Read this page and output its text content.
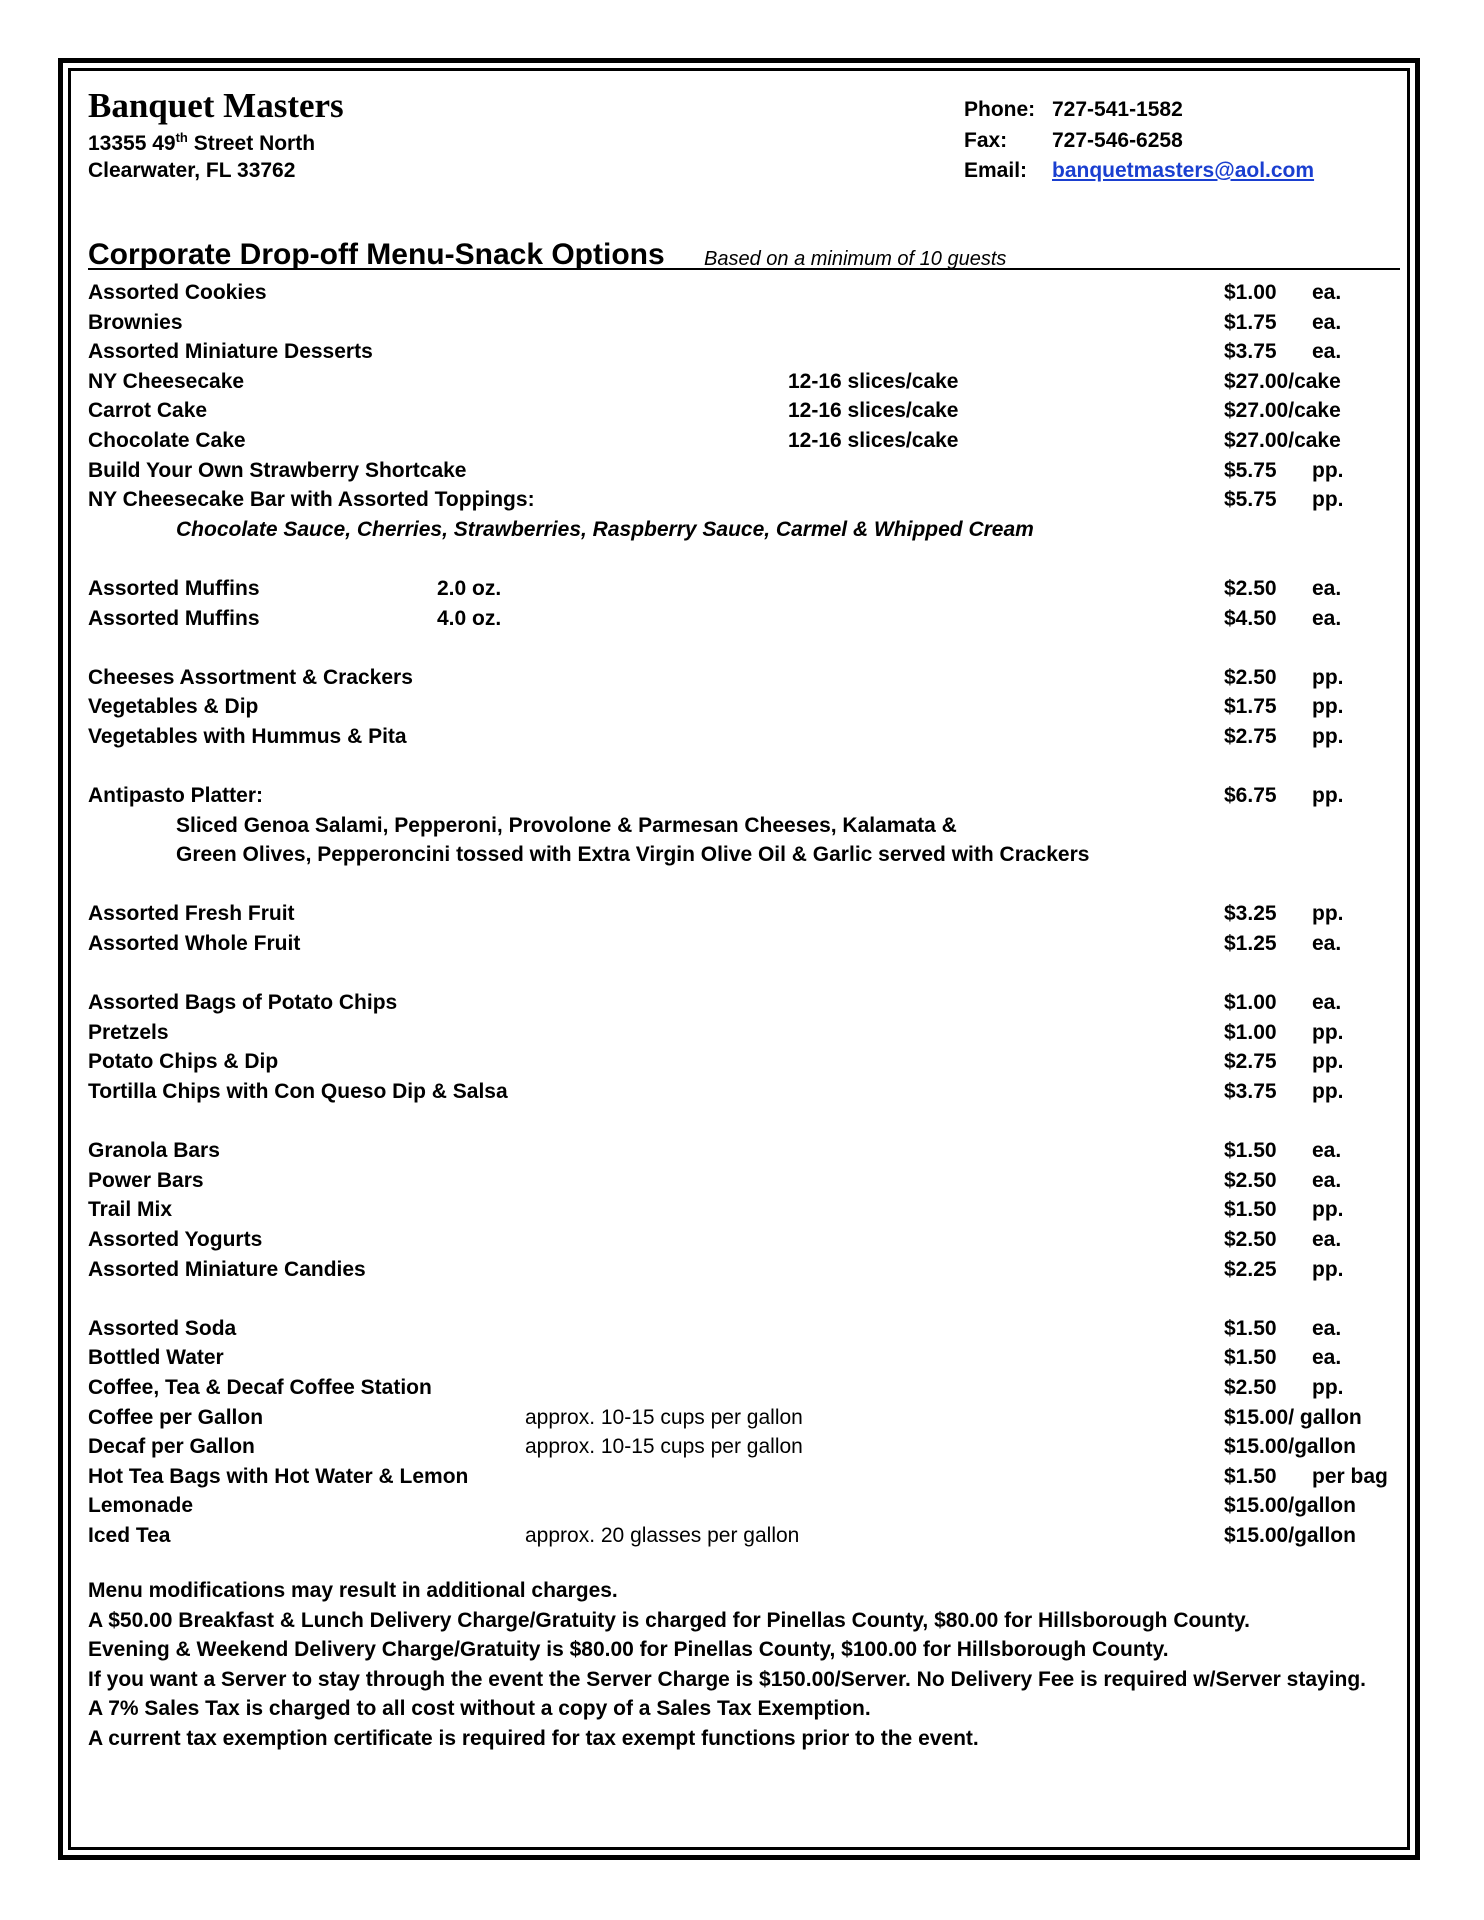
Banquet Masters
13355 49th Street North
Clearwater, FL 33762
Phone: 727-541-1582
Fax: 727-546-6258
Email: banquetmasters@aol.com
Corporate Drop-off Menu-Snack Options Based on a minimum of 10 guests
Assorted Cookies	$1.00 ea.
Brownies	$1.75 ea.
Assorted Miniature Desserts	$3.75 ea.
NY Cheesecake	12-16 slices/cake	$27.00/cake
Carrot Cake	12-16 slices/cake	$27.00/cake
Chocolate Cake	12-16 slices/cake	$27.00/cake
Build Your Own Strawberry Shortcake	$5.75 pp.
NY Cheesecake Bar with Assorted Toppings:	$5.75 pp.
Chocolate Sauce, Cherries, Strawberries, Raspberry Sauce, Carmel & Whipped Cream
Assorted Muffins	2.0 oz.	$2.50 ea.
Assorted Muffins	4.0 oz.	$4.50 ea.
Cheeses Assortment & Crackers	$2.50 pp.
Vegetables & Dip	$1.75 pp.
Vegetables with Hummus & Pita	$2.75 pp.
Antipasto Platter:	$6.75 pp.
Sliced Genoa Salami, Pepperoni, Provolone & Parmesan Cheeses, Kalamata &
Green Olives, Pepperoncini tossed with Extra Virgin Olive Oil & Garlic served with Crackers
Assorted Fresh Fruit	$3.25 pp.
Assorted Whole Fruit	$1.25 ea.
Assorted Bags of Potato Chips	$1.00 ea.
Pretzels	$1.00 pp.
Potato Chips & Dip	$2.75 pp.
Tortilla Chips with Con Queso Dip & Salsa	$3.75 pp.
Granola Bars	$1.50 ea.
Power Bars	$2.50 ea.
Trail Mix	$1.50 pp.
Assorted Yogurts	$2.50 ea.
Assorted Miniature Candies	$2.25 pp.
Assorted Soda	$1.50 ea.
Bottled Water	$1.50 ea.
Coffee, Tea & Decaf Coffee Station	$2.50 pp.
Coffee per Gallon	approx. 10-15 cups per gallon	$15.00/ gallon
Decaf per Gallon	approx. 10-15 cups per gallon	$15.00/gallon
Hot Tea Bags with Hot Water & Lemon	$1.50 per bag
Lemonade	$15.00/gallon
Iced Tea	approx. 20 glasses per gallon	$15.00/gallon
Menu modifications may result in additional charges.
A $50.00 Breakfast & Lunch Delivery Charge/Gratuity is charged for Pinellas County, $80.00 for Hillsborough County.
Evening & Weekend Delivery Charge/Gratuity is $80.00 for Pinellas County, $100.00 for Hillsborough County.
If you want a Server to stay through the event the Server Charge is $150.00/Server. No Delivery Fee is required w/Server staying.
A 7% Sales Tax is charged to all cost without a copy of a Sales Tax Exemption.
A current tax exemption certificate is required for tax exempt functions prior to the event.
